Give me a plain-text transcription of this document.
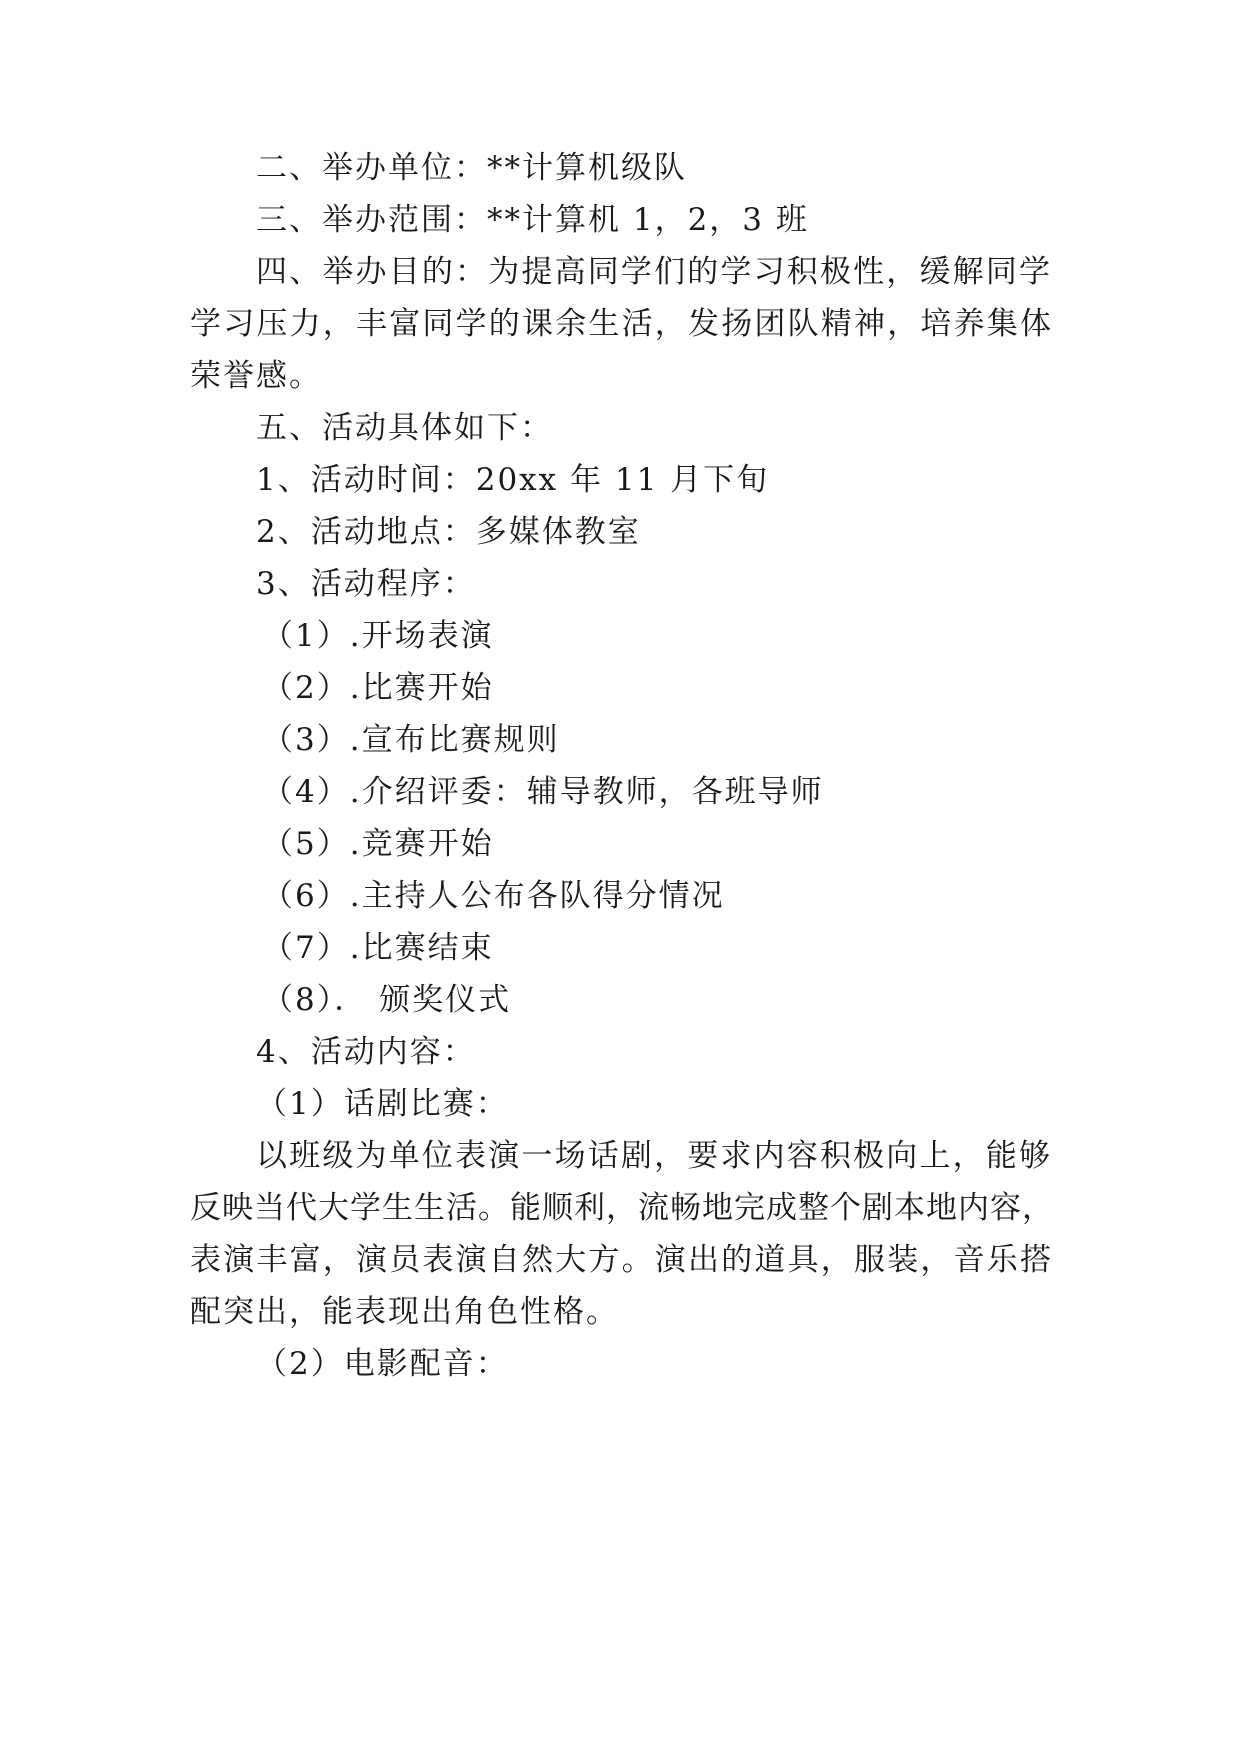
二、举办单位：**计算机级队
三、举办范围：**计算机 1，2，3 班
四、举办目的：为提高同学们的学习积极性，缓解同学
学习压力，丰富同学的课余生活，发扬团队精神，培养集体
荣誉感。
五、活动具体如下：
1、活动时间：20xx 年 11 月下旬
2、活动地点：多媒体教室
3、活动程序：
（1）.开场表演
（2）.比赛开始
（3）.宣布比赛规则
（4）.介绍评委：辅导教师，各班导师
（5）.竞赛开始
（6）.主持人公布各队得分情况
（7）.比赛结束
（8）． 颁奖仪式
4、活动内容：
（1）话剧比赛：
以班级为单位表演一场话剧，要求内容积极向上，能够
反映当代大学生生活。能顺利，流畅地完成整个剧本地内容，
表演丰富，演员表演自然大方。演出的道具，服装，音乐搭
配突出，能表现出角色性格。
（2）电影配音：
